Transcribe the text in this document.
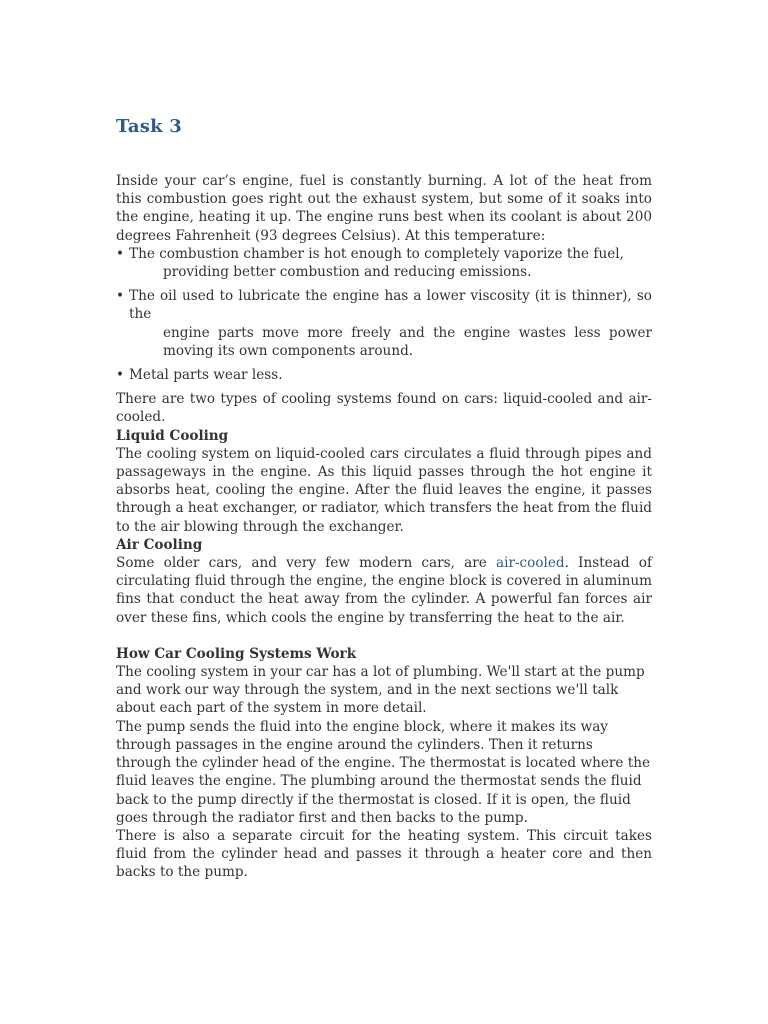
Task 3

Inside your car’s engine, fuel is constantly burning. A lot of the heat from this combustion goes right out the exhaust system, but some of it soaks into the engine, heating it up. The engine runs best when its coolant is about 200 degrees Fahrenheit (93 degrees Celsius). At this temperature:

• The combustion chamber is hot enough to completely vaporize the fuel,

providing better combustion and reducing emissions.
• The oil used to lubricate the engine has a lower viscosity (it is thinner), so the

engine parts move more freely and the engine wastes less power moving its own components around.
• Metal parts wear less.

There are two types of cooling systems found on cars: liquid-cooled and air-cooled.

Liquid Cooling

The cooling system on liquid-cooled cars circulates a fluid through pipes and passageways in the engine. As this liquid passes through the hot engine it absorbs heat, cooling the engine. After the fluid leaves the engine, it passes through a heat exchanger, or radiator, which transfers the heat from the fluid to the air blowing through the exchanger.

Air Cooling

Some older cars, and very few modern cars, are air-cooled. Instead of circulating fluid through the engine, the engine block is covered in aluminum fins that conduct the heat away from the cylinder. A powerful fan forces air over these fins, which cools the engine by transferring the heat to the air.

How Car Cooling Systems Work

The cooling system in your car has a lot of plumbing. We'll start at the pump and work our way through the system, and in the next sections we'll talk about each part of the system in more detail.

The pump sends the fluid into the engine block, where it makes its way through passages in the engine around the cylinders. Then it returns through the cylinder head of the engine. The thermostat is located where the fluid leaves the engine. The plumbing around the thermostat sends the fluid back to the pump directly if the thermostat is closed. If it is open, the fluid goes through the radiator first and then backs to the pump.

There is also a separate circuit for the heating system. This circuit takes fluid from the cylinder head and passes it through a heater core and then backs to the pump.
